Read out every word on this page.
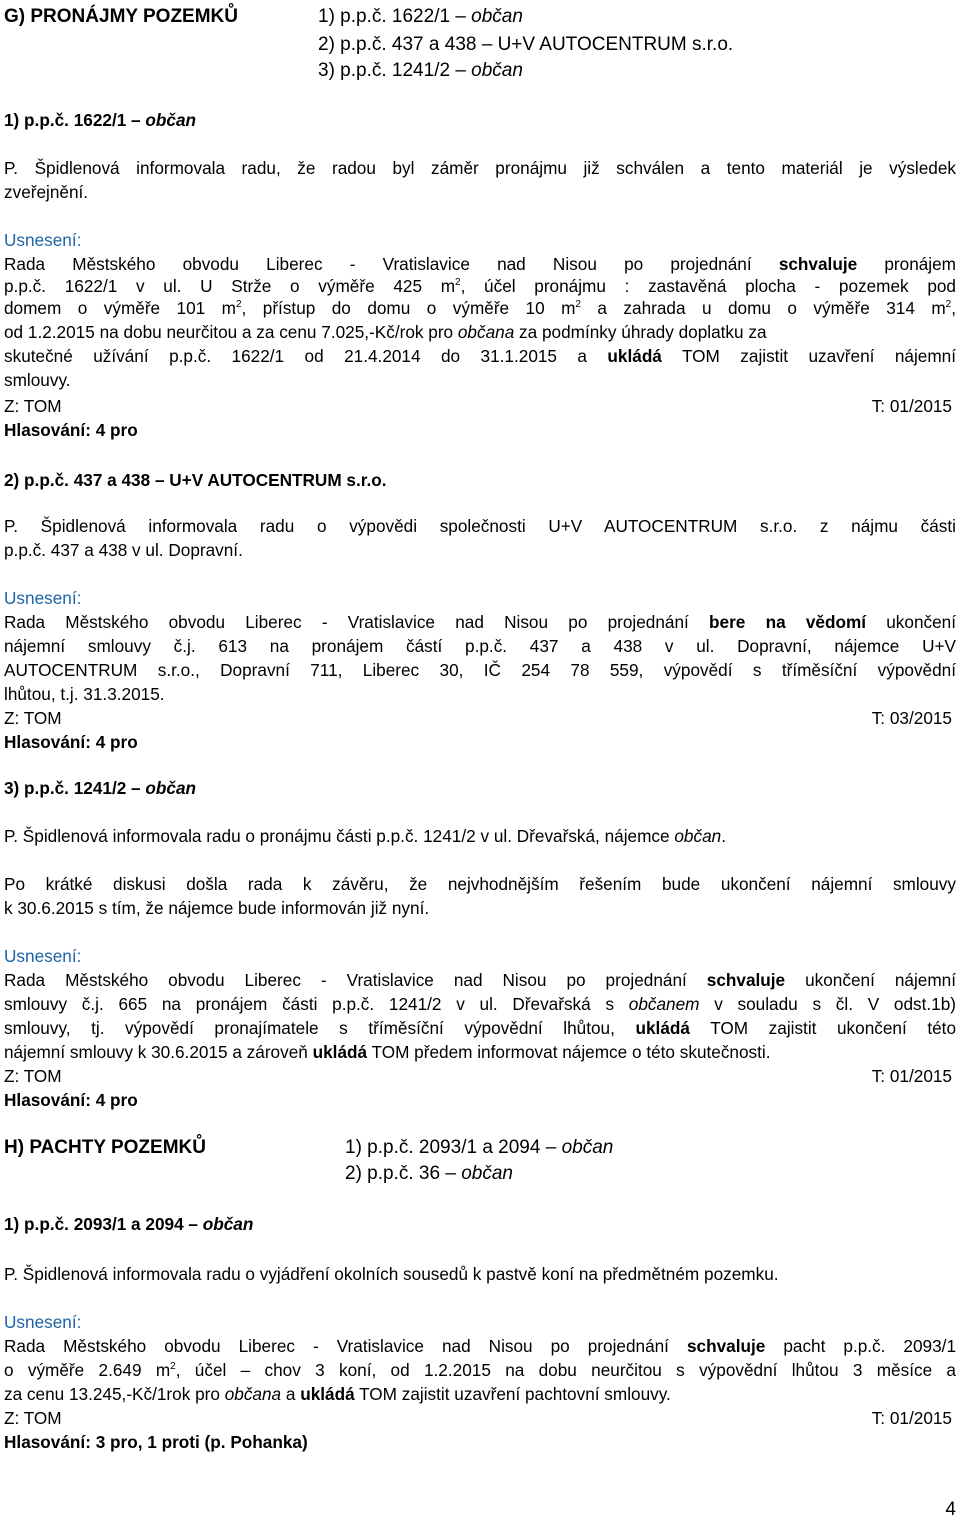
G) PRONÁJMY POZEMKŮ	1) p.p.č. 1622/1 – občan
2) p.p.č. 437 a 438 – U+V AUTOCENTRUM s.r.o.
3) p.p.č. 1241/2 – občan
1) p.p.č. 1622/1 – občan
P. Špidlenová informovala radu, že radou byl záměr pronájmu již schválen a tento materiál je výsledek
zveřejnění.
Usnesení:
Rada Městského obvodu Liberec - Vratislavice nad Nisou po projednání schvaluje pronájem
p.p.č. 1622/1 v ul. U Strže o výměře 425 $m^2$, účel pronájmu : zastavěná plocha - pozemek pod
domem o výměře 101 $m^2$, přístup do domu o výměře 10 $m^2$ a zahrada u domu o výměře 314 $m^2$,
od 1.2.2015 na dobu neurčitou a za cenu 7.025,-Kč/rok pro občana za podmínky úhrady doplatku za
skutečné užívání p.p.č. 1622/1 od 21.4.2014 do 31.1.2015 a ukládá TOM zajistit uzavření nájemní
smlouvy.
Z: TOM	T: 01/2015
Hlasování: 4 pro
2) p.p.č. 437 a 438 – U+V AUTOCENTRUM s.r.o.
P. Špidlenová informovala radu o výpovědi společnosti U+V AUTOCENTRUM s.r.o. z nájmu části
p.p.č. 437 a 438 v ul. Dopravní.
Usnesení:
Rada Městského obvodu Liberec - Vratislavice nad Nisou po projednání bere na vědomí ukončení
nájemní smlouvy č.j. 613 na pronájem částí p.p.č. 437 a 438 v ul. Dopravní, nájemce U+V
AUTOCENTRUM s.r.o., Dopravní 711, Liberec 30, IČ 254 78 559, výpovědí s tříměsíční výpovědní
lhůtou, t.j. 31.3.2015.
Z: TOM	T: 03/2015
Hlasování: 4 pro
3) p.p.č. 1241/2 – občan
P. Špidlenová informovala radu o pronájmu části p.p.č. 1241/2 v ul. Dřevařská, nájemce občan.
Po krátké diskusi došla rada k závěru, že nejvhodnějším řešením bude ukončení nájemní smlouvy
k 30.6.2015 s tím, že nájemce bude informován již nyní.
Usnesení:
Rada Městského obvodu Liberec - Vratislavice nad Nisou po projednání schvaluje ukončení nájemní
smlouvy č.j. 665 na pronájem části p.p.č. 1241/2 v ul. Dřevařská s občanem v souladu s čl. V odst.1b)
smlouvy, tj. výpovědí pronajímatele s tříměsíční výpovědní lhůtou, ukládá TOM zajistit ukončení této
nájemní smlouvy k 30.6.2015 a zároveň ukládá TOM předem informovat nájemce o této skutečnosti.
Z: TOM	T: 01/2015
Hlasování: 4 pro
H) PACHTY POZEMKŮ	1) p.p.č. 2093/1 a 2094 – občan
2) p.p.č. 36 – občan
1) p.p.č. 2093/1 a 2094 – občan
P. Špidlenová informovala radu o vyjádření okolních sousedů k pastvě koní na předmětném pozemku.
Usnesení:
Rada Městského obvodu Liberec - Vratislavice nad Nisou po projednání schvaluje pacht p.p.č. 2093/1
o výměře 2.649 $m^2$, účel – chov 3 koní, od 1.2.2015 na dobu neurčitou s výpovědní lhůtou 3 měsíce a
za cenu 13.245,-Kč/1rok pro občana a ukládá TOM zajistit uzavření pachtovní smlouvy.
Z: TOM	T: 01/2015
Hlasování: 3 pro, 1 proti (p. Pohanka)
4
